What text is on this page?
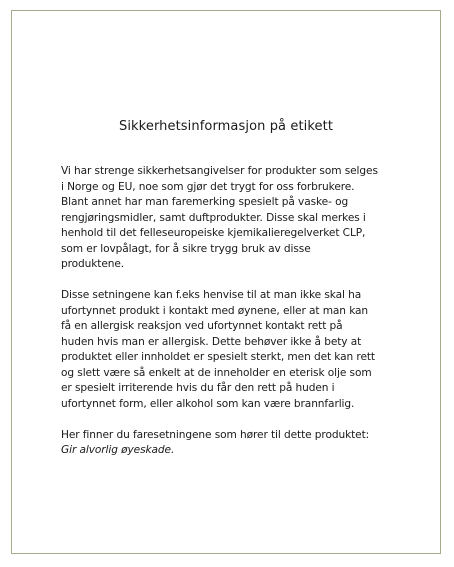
Sikkerhetsinformasjon på etikett

Vi har strenge sikkerhetsangivelser for produkter som selges
i Norge og EU, noe som gjør det trygt for oss forbrukere.
Blant annet har man faremerking spesielt på vaske- og
rengjøringsmidler, samt duftprodukter. Disse skal merkes i
henhold til det felleseuropeiske kjemikalieregelverket CLP,
som er lovpålagt, for å sikre trygg bruk av disse
produktene.

Disse setningene kan f.eks henvise til at man ikke skal ha
ufortynnet produkt i kontakt med øynene, eller at man kan
få en allergisk reaksjon ved ufortynnet kontakt rett på
huden hvis man er allergisk. Dette behøver ikke å bety at
produktet eller innholdet er spesielt sterkt, men det kan rett
og slett være så enkelt at de inneholder en eterisk olje som
er spesielt irriterende hvis du får den rett på huden i
ufortynnet form, eller alkohol som kan være brannfarlig.

Her finner du faresetningene som hører til dette produktet:

Gir alvorlig øyeskade.
